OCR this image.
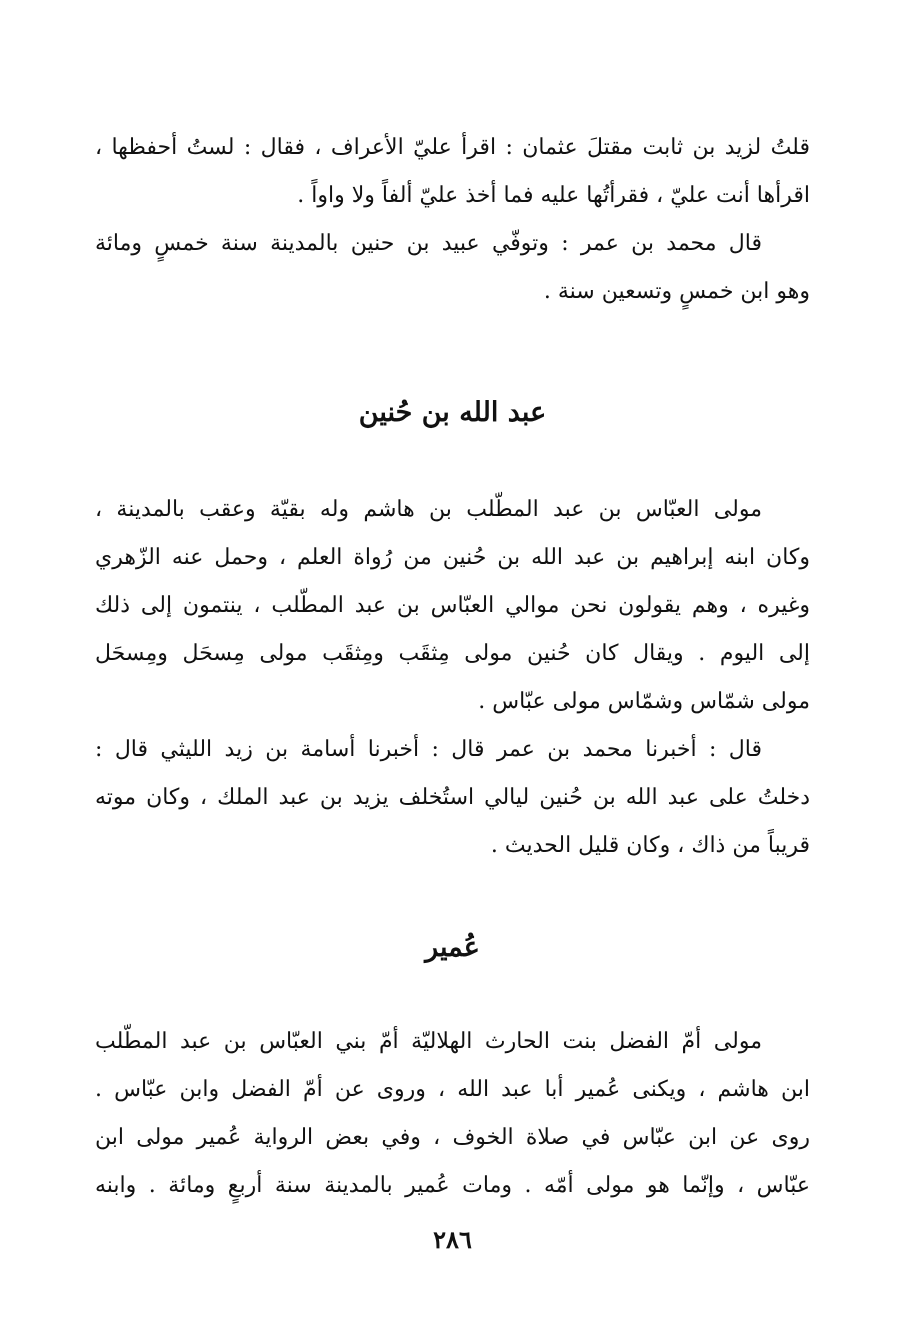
قلتُ لزيد بن ثابت مقتلَ عثمان : اقرأ عليّ الأعراف ، فقال : لستُ أحفظها ،
اقرأها أنت عليّ ، فقرأتُها عليه فما أخذ عليّ ألفاً ولا واواً .
قال محمد بن عمر : وتوفّي عبيد بن حنين بالمدينة سنة خمسٍ ومائة
وهو ابن خمسٍ وتسعين سنة .
عبد الله بن حُنين
مولى العبّاس بن عبد المطّلب بن هاشم وله بقيّة وعقب بالمدينة ،
وكان ابنه إبراهيم بن عبد الله بن حُنين من رُواة العلم ، وحمل عنه الزّهري
وغيره ، وهم يقولون نحن موالي العبّاس بن عبد المطّلب ، ينتمون إلى ذلك
إلى اليوم . ويقال كان حُنين مولى مِثقَب ومِثقَب مولى مِسحَل ومِسحَل
مولى شمّاس وشمّاس مولى عبّاس .
قال : أخبرنا محمد بن عمر قال : أخبرنا أسامة بن زيد الليثي قال :
دخلتُ على عبد الله بن حُنين ليالي استُخلف يزيد بن عبد الملك ، وكان موته
قريباً من ذاك ، وكان قليل الحديث .
عُمير
مولى أمّ الفضل بنت الحارث الهلاليّة أمّ بني العبّاس بن عبد المطّلب
ابن هاشم ، ويكنى عُمير أبا عبد الله ، وروى عن أمّ الفضل وابن عبّاس .
روى عن ابن عبّاس في صلاة الخوف ، وفي بعض الرواية عُمير مولى ابن
عبّاس ، وإنّما هو مولى أمّه . ومات عُمير بالمدينة سنة أربعٍ ومائة . وابنه
٢٨٦
